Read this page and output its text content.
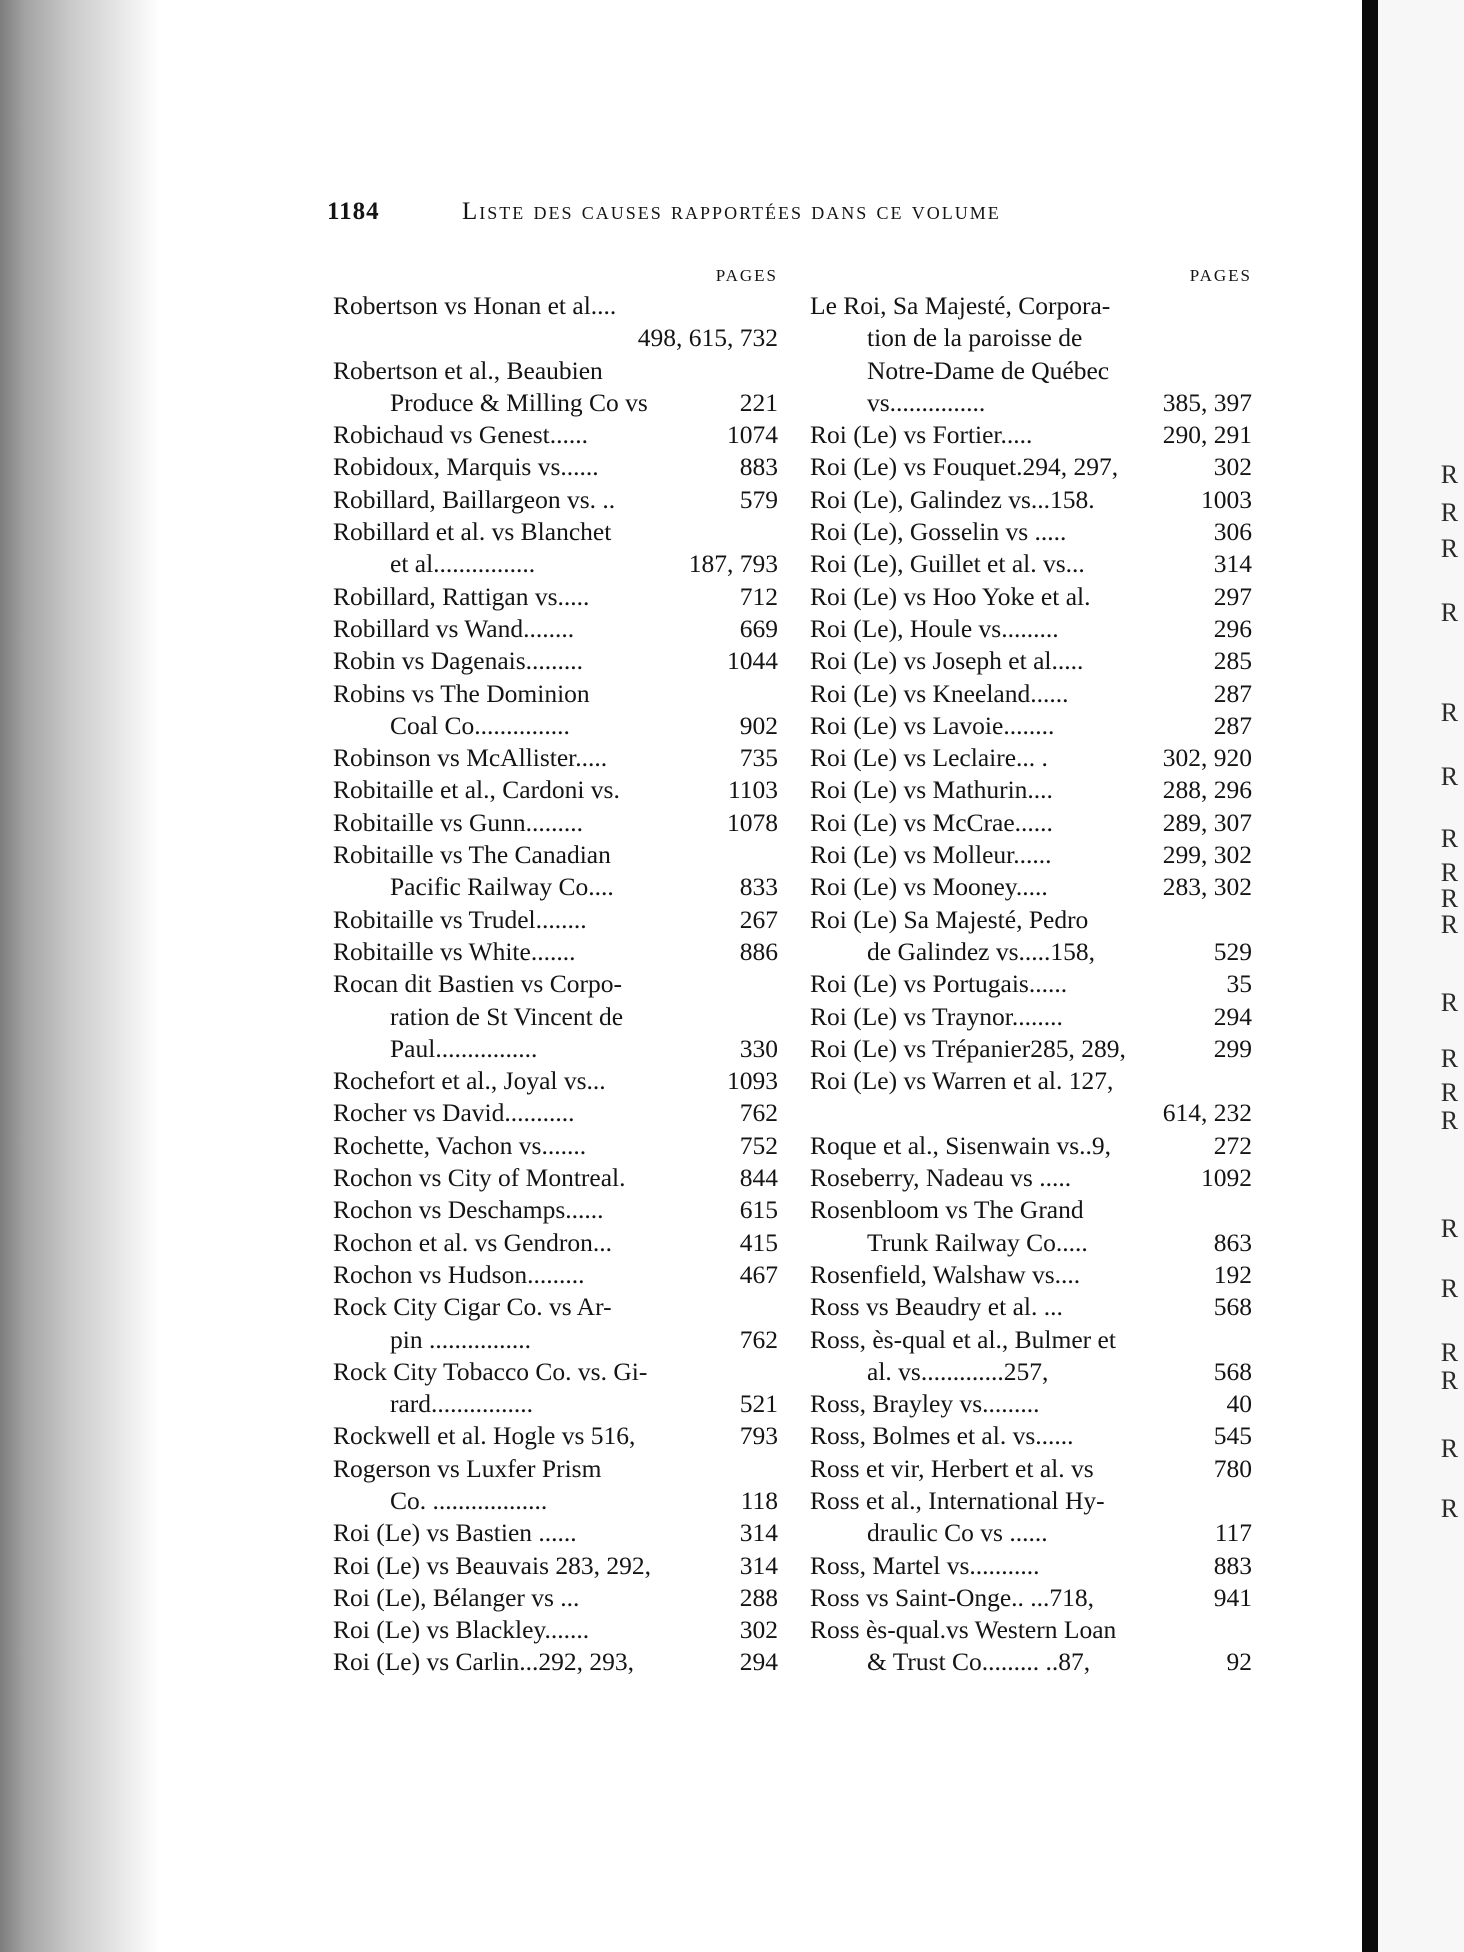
1184	Liste des causes rapportées dans ce volume
PAGES
Robertson vs Honan et al....
498, 615, 732
Robertson et al., Beaubien
Produce & Milling Co vs	221
Robichaud vs Genest......	1074
Robidoux, Marquis vs......	883
Robillard, Baillargeon vs. ..	579
Robillard et al. vs Blanchet
et al................	187, 793
Robillard, Rattigan vs.....	712
Robillard vs Wand........	669
Robin vs Dagenais.........	1044
Robins vs The Dominion
Coal Co...............	902
Robinson vs McAllister.....	735
Robitaille et al., Cardoni vs.	1103
Robitaille vs Gunn.........	1078
Robitaille vs The Canadian
Pacific Railway Co....	833
Robitaille vs Trudel........	267
Robitaille vs White.......	886
Rocan dit Bastien vs Corpo-
ration de St Vincent de
Paul................	330
Rochefort et al., Joyal vs...	1093
Rocher vs David...........	762
Rochette, Vachon vs.......	752
Rochon vs City of Montreal.	844
Rochon vs Deschamps......	615
Rochon et al. vs Gendron...	415
Rochon vs Hudson.........	467
Rock City Cigar Co. vs Ar-
pin ................	762
Rock City Tobacco Co. vs. Gi-
rard................	521
Rockwell et al. Hogle vs 516,	793
Rogerson vs Luxfer Prism
Co. ..................	118
Roi (Le) vs Bastien ......	314
Roi (Le) vs Beauvais 283, 292,	314
Roi (Le), Bélanger vs ...	288
Roi (Le) vs Blackley.......	302
Roi (Le) vs Carlin...292, 293,	294
PAGES
Le Roi, Sa Majesté, Corpora-
tion de la paroisse de
Notre-Dame de Québec
vs...............	385, 397
Roi (Le) vs Fortier.....	290, 291
Roi (Le) vs Fouquet.294, 297,	302
Roi (Le), Galindez vs...158.	1003
Roi (Le), Gosselin vs .....	306
Roi (Le), Guillet et al. vs...	314
Roi (Le) vs Hoo Yoke et al.	297
Roi (Le), Houle vs.........	296
Roi (Le) vs Joseph et al.....	285
Roi (Le) vs Kneeland......	287
Roi (Le) vs Lavoie........	287
Roi (Le) vs Leclaire... .	302, 920
Roi (Le) vs Mathurin....	288, 296
Roi (Le) vs McCrae......	289, 307
Roi (Le) vs Molleur......	299, 302
Roi (Le) vs Mooney.....	283, 302
Roi (Le) Sa Majesté, Pedro
de Galindez vs.....158,	529
Roi (Le) vs Portugais......	35
Roi (Le) vs Traynor........	294
Roi (Le) vs Trépanier285, 289,	299
Roi (Le) vs Warren et al. 127,
614, 232
Roque et al., Sisenwain vs..9,	272
Roseberry, Nadeau vs .....	1092
Rosenbloom vs The Grand
Trunk Railway Co.....	863
Rosenfield, Walshaw vs....	192
Ross vs Beaudry et al. ...	568
Ross, ès-qual et al., Bulmer et
al. vs.............257,	568
Ross, Brayley vs.........	40
Ross, Bolmes et al. vs......	545
Ross et vir, Herbert et al. vs	780
Ross et al., International Hy-
draulic Co vs ......	117
Ross, Martel vs...........	883
Ross vs Saint-Onge.. ...718,	941
Ross ès-qual.vs Western Loan
& Trust Co......... ..87,	92
R
R
R
R
R
R
R
R
R
R
R
R
R
R
R
R
R
R
R
R
